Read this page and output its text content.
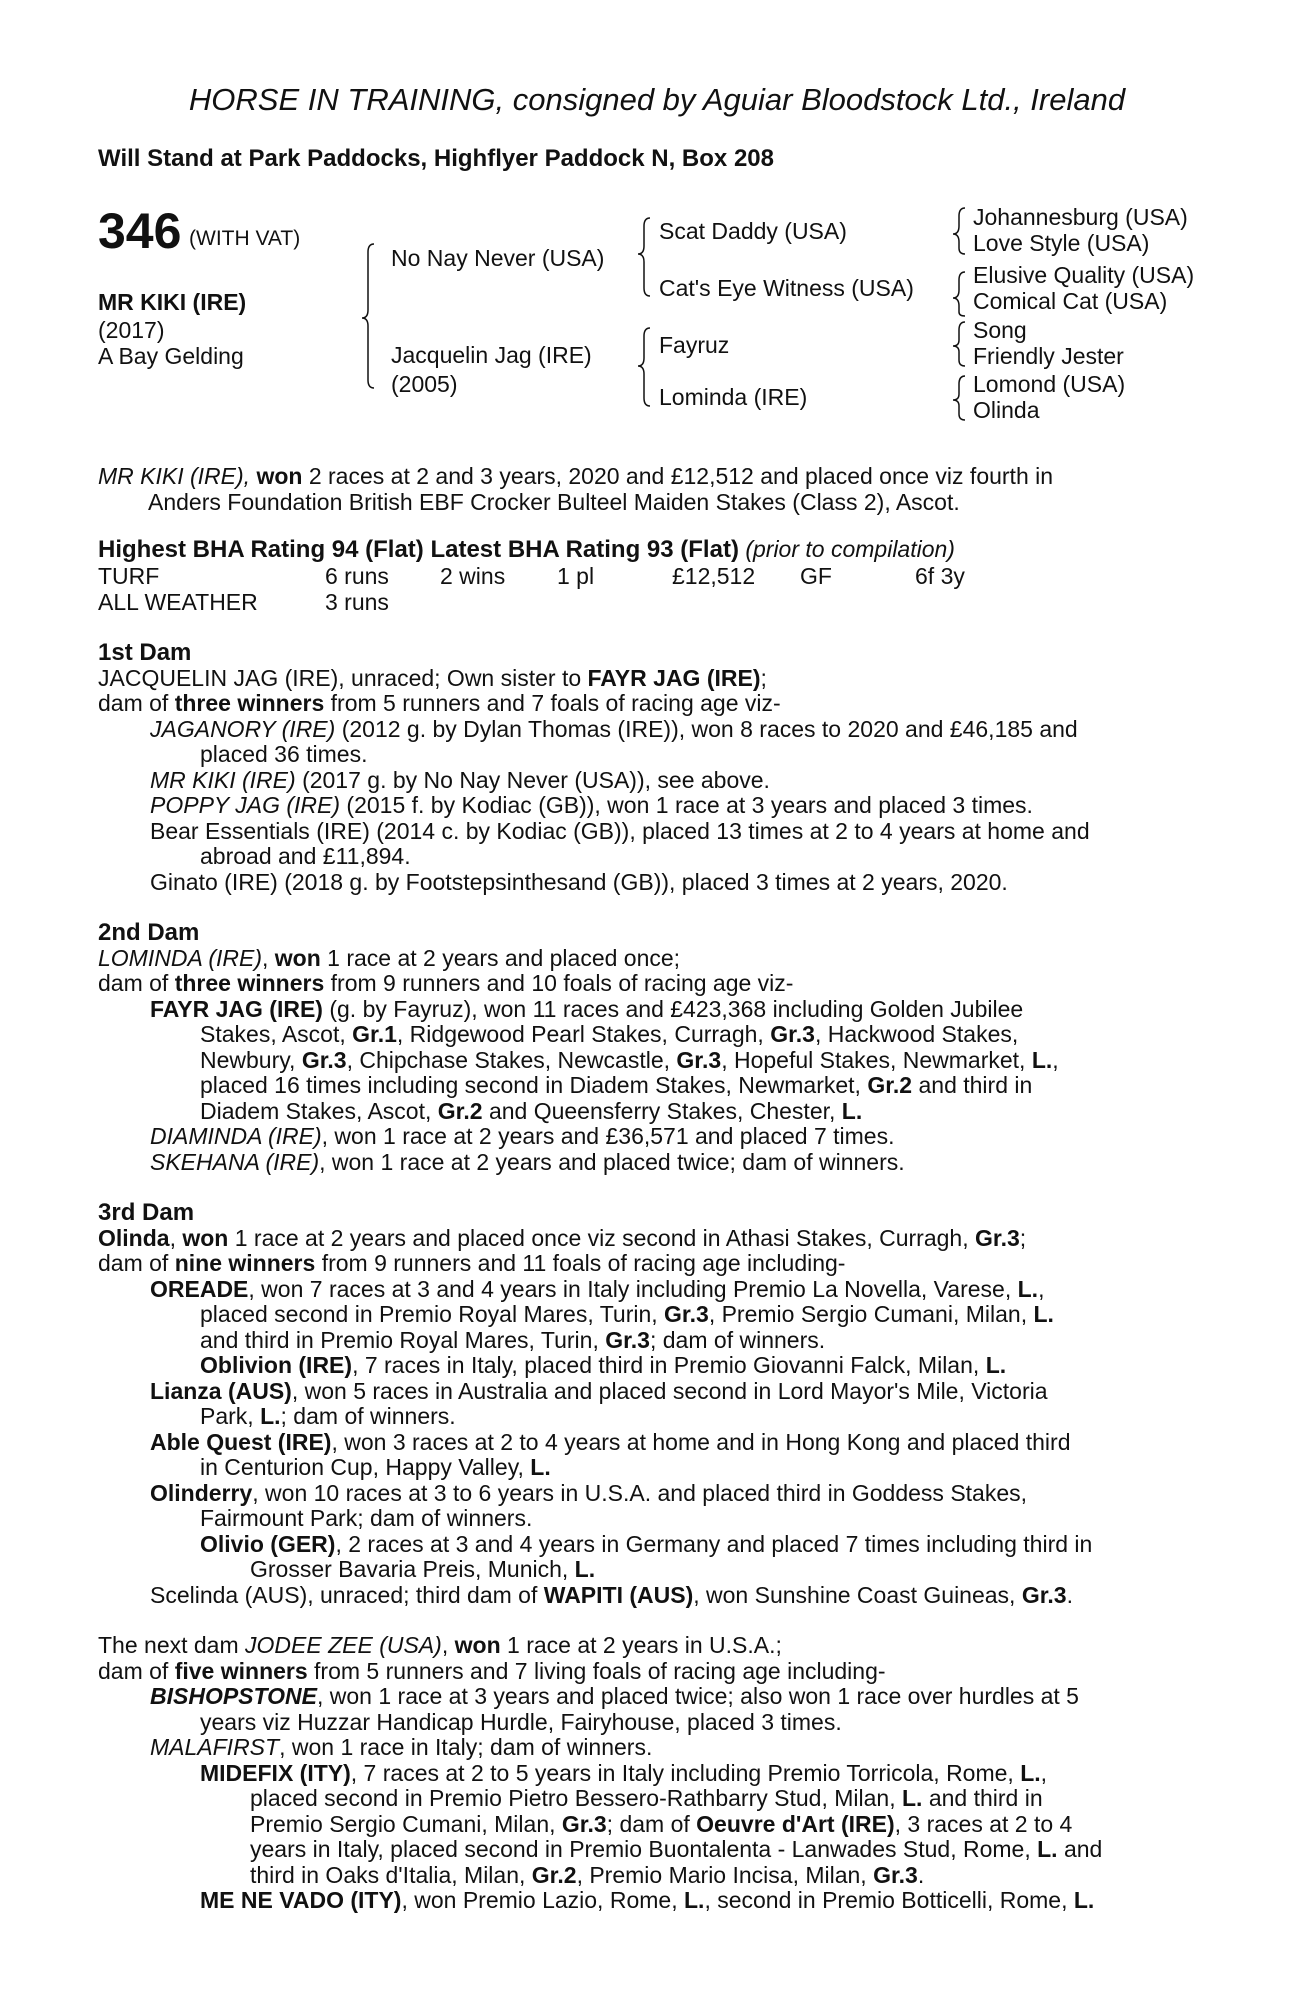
HORSE IN TRAINING, consigned by Aguiar Bloodstock Ltd., Ireland
Will Stand at Park Paddocks, Highflyer Paddock N, Box 208
346 (WITH VAT)
MR KIKI (IRE)
(2017)
A Bay Gelding
No Nay Never (USA)
Jacquelin Jag (IRE)
(2005)
Scat Daddy (USA)
Cat's Eye Witness (USA)
Fayruz
Lominda (IRE)
Johannesburg (USA)
Love Style (USA)
Elusive Quality (USA)
Comical Cat (USA)
Song
Friendly Jester
Lomond (USA)
Olinda
MR KIKI (IRE), won 2 races at 2 and 3 years, 2020 and £12,512 and placed once viz fourth in
Anders Foundation British EBF Crocker Bulteel Maiden Stakes (Class 2), Ascot.
Highest BHA Rating 94 (Flat) Latest BHA Rating 93 (Flat) (prior to compilation)
TURF	6 runs 2 wins 1 pl	£12,512 GF	6f 3y
ALL WEATHER	3 runs
1st Dam
JACQUELIN JAG (IRE), unraced; Own sister to FAYR JAG (IRE);
dam of three winners from 5 runners and 7 foals of racing age viz-
JAGANORY (IRE) (2012 g. by Dylan Thomas (IRE)), won 8 races to 2020 and £46,185 and
placed 36 times.
MR KIKI (IRE) (2017 g. by No Nay Never (USA)), see above.
POPPY JAG (IRE) (2015 f. by Kodiac (GB)), won 1 race at 3 years and placed 3 times.
Bear Essentials (IRE) (2014 c. by Kodiac (GB)), placed 13 times at 2 to 4 years at home and
abroad and £11,894.
Ginato (IRE) (2018 g. by Footstepsinthesand (GB)), placed 3 times at 2 years, 2020.
2nd Dam
LOMINDA (IRE), won 1 race at 2 years and placed once;
dam of three winners from 9 runners and 10 foals of racing age viz-
FAYR JAG (IRE) (g. by Fayruz), won 11 races and £423,368 including Golden Jubilee
Stakes, Ascot, Gr.1, Ridgewood Pearl Stakes, Curragh, Gr.3, Hackwood Stakes,
Newbury, Gr.3, Chipchase Stakes, Newcastle, Gr.3, Hopeful Stakes, Newmarket, L.,
placed 16 times including second in Diadem Stakes, Newmarket, Gr.2 and third in
Diadem Stakes, Ascot, Gr.2 and Queensferry Stakes, Chester, L.
DIAMINDA (IRE), won 1 race at 2 years and £36,571 and placed 7 times.
SKEHANA (IRE), won 1 race at 2 years and placed twice; dam of winners.
3rd Dam
Olinda, won 1 race at 2 years and placed once viz second in Athasi Stakes, Curragh, Gr.3;
dam of nine winners from 9 runners and 11 foals of racing age including-
OREADE, won 7 races at 3 and 4 years in Italy including Premio La Novella, Varese, L.,
placed second in Premio Royal Mares, Turin, Gr.3, Premio Sergio Cumani, Milan, L.
and third in Premio Royal Mares, Turin, Gr.3; dam of winners.
Oblivion (IRE), 7 races in Italy, placed third in Premio Giovanni Falck, Milan, L.
Lianza (AUS), won 5 races in Australia and placed second in Lord Mayor's Mile, Victoria
Park, L.; dam of winners.
Able Quest (IRE), won 3 races at 2 to 4 years at home and in Hong Kong and placed third
in Centurion Cup, Happy Valley, L.
Olinderry, won 10 races at 3 to 6 years in U.S.A. and placed third in Goddess Stakes,
Fairmount Park; dam of winners.
Olivio (GER), 2 races at 3 and 4 years in Germany and placed 7 times including third in
Grosser Bavaria Preis, Munich, L.
Scelinda (AUS), unraced; third dam of WAPITI (AUS), won Sunshine Coast Guineas, Gr.3.
The next dam JODEE ZEE (USA), won 1 race at 2 years in U.S.A.;
dam of five winners from 5 runners and 7 living foals of racing age including-
BISHOPSTONE, won 1 race at 3 years and placed twice; also won 1 race over hurdles at 5
years viz Huzzar Handicap Hurdle, Fairyhouse, placed 3 times.
MALAFIRST, won 1 race in Italy; dam of winners.
MIDEFIX (ITY), 7 races at 2 to 5 years in Italy including Premio Torricola, Rome, L.,
placed second in Premio Pietro Bessero-Rathbarry Stud, Milan, L. and third in
Premio Sergio Cumani, Milan, Gr.3; dam of Oeuvre d'Art (IRE), 3 races at 2 to 4
years in Italy, placed second in Premio Buontalenta - Lanwades Stud, Rome, L. and
third in Oaks d'Italia, Milan, Gr.2, Premio Mario Incisa, Milan, Gr.3.
ME NE VADO (ITY), won Premio Lazio, Rome, L., second in Premio Botticelli, Rome, L.
